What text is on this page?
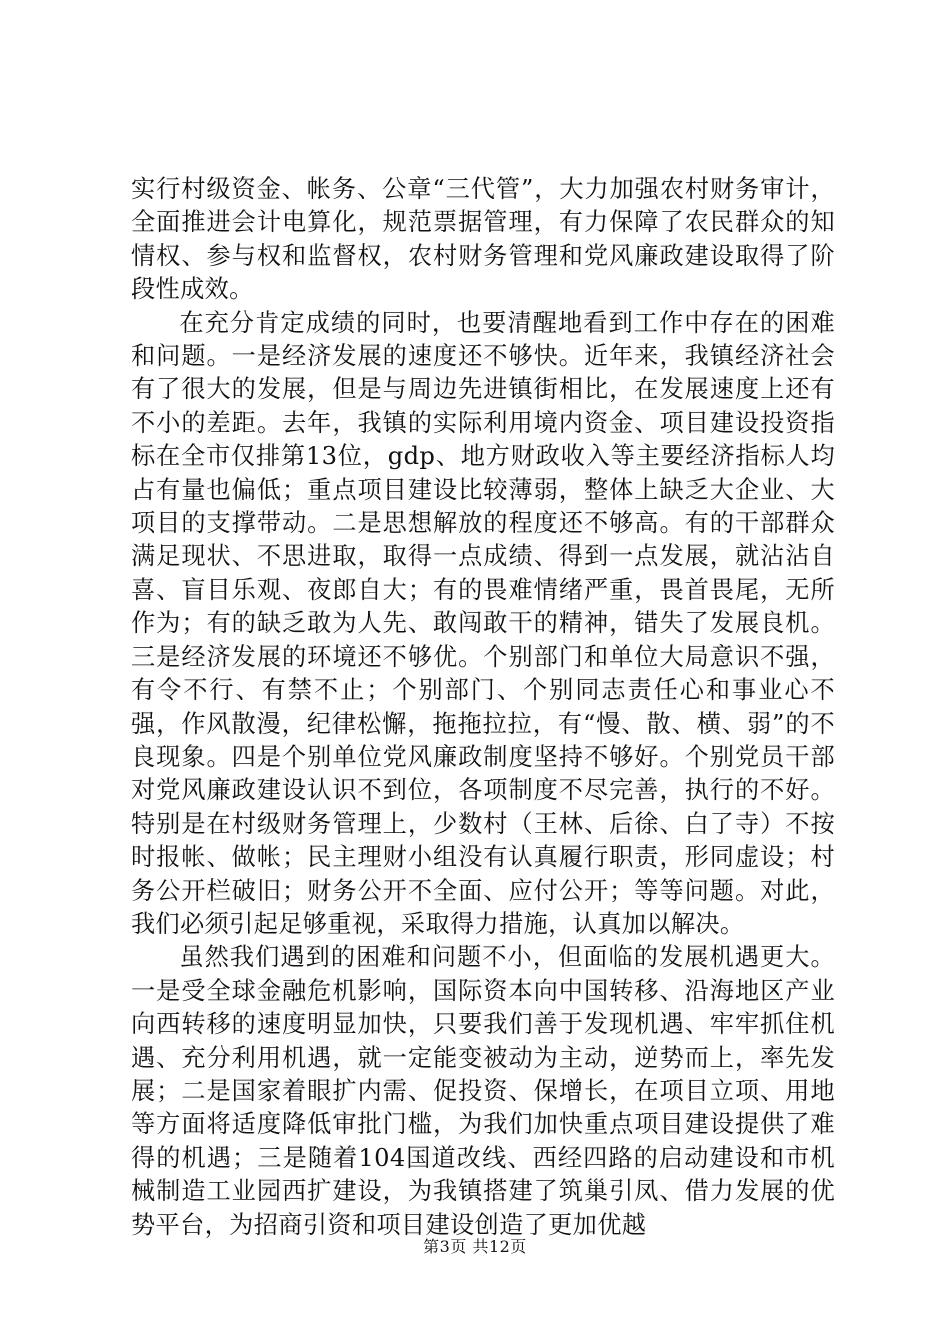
实行村级资金、帐务、公章“三代管”，大力加强农村财务审计，全面推进会计电算化，规范票据管理，有力保障了农民群众的知情权、参与权和监督权，农村财务管理和党风廉政建设取得了阶段性成效。

在充分肯定成绩的同时，也要清醒地看到工作中存在的困难和问题。一是经济发展的速度还不够快。近年来，我镇经济社会有了很大的发展，但是与周边先进镇街相比，在发展速度上还有不小的差距。去年，我镇的实际利用境内资金、项目建设投资指标在全市仅排第13位，gdp、地方财政收入等主要经济指标人均占有量也偏低；重点项目建设比较薄弱，整体上缺乏大企业、大项目的支撑带动。二是思想解放的程度还不够高。有的干部群众满足现状、不思进取，取得一点成绩、得到一点发展，就沾沾自喜、盲目乐观、夜郎自大；有的畏难情绪严重，畏首畏尾，无所作为；有的缺乏敢为人先、敢闯敢干的精神，错失了发展良机。三是经济发展的环境还不够优。个别部门和单位大局意识不强，有令不行、有禁不止；个别部门、个别同志责任心和事业心不强，作风散漫，纪律松懈，拖拖拉拉，有“慢、散、横、弱”的不良现象。四是个别单位党风廉政制度坚持不够好。个别党员干部对党风廉政建设认识不到位，各项制度不尽完善，执行的不好。特别是在村级财务管理上，少数村（王林、后徐、白了寺）不按时报帐、做帐；民主理财小组没有认真履行职责，形同虚设；村务公开栏破旧；财务公开不全面、应付公开；等等问题。对此，我们必须引起足够重视，采取得力措施，认真加以解决。

虽然我们遇到的困难和问题不小，但面临的发展机遇更大。一是受全球金融危机影响，国际资本向中国转移、沿海地区产业向西转移的速度明显加快，只要我们善于发现机遇、牢牢抓住机遇、充分利用机遇，就一定能变被动为主动，逆势而上，率先发展；二是国家着眼扩内需、促投资、保增长，在项目立项、用地等方面将适度降低审批门槛，为我们加快重点项目建设提供了难得的机遇；三是随着104国道改线、西经四路的启动建设和市机械制造工业园西扩建设，为我镇搭建了筑巢引凤、借力发展的优势平台，为招商引资和项目建设创造了更加优越

第3页 共12页
